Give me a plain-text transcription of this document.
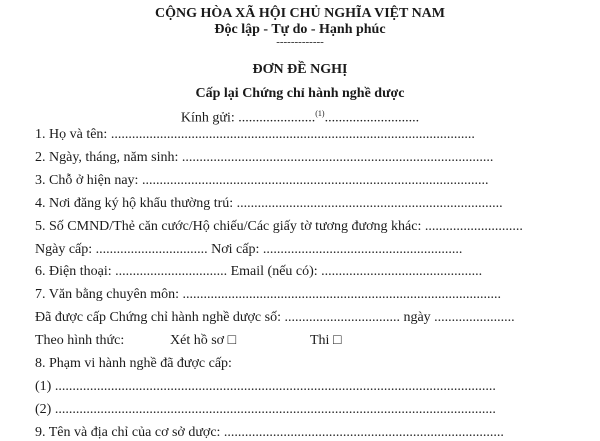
CỘNG HÒA XÃ HỘI CHỦ NGHĨA VIỆT NAM
Độc lập - Tự do - Hạnh phúc
-------------
ĐƠN ĐỀ NGHỊ
Cấp lại Chứng chỉ hành nghề dược
Kính gửi: ......................$^{(1)}$...........................
1. Họ và tên: ........................................................................................................
2. Ngày, tháng, năm sinh: .........................................................................................
3. Chỗ ở hiện nay: ...................................................................................................
4. Nơi đăng ký hộ khẩu thường trú: ............................................................................
5. Số CMND/Thẻ căn cước/Hộ chiếu/Các giấy tờ tương đương khác: ............................
Ngày cấp: ................................ Nơi cấp: .........................................................
6. Điện thoại: ................................ Email (nếu có): ..............................................
7. Văn bằng chuyên môn: ...........................................................................................
Đã được cấp Chứng chỉ hành nghề dược số: ................................. ngày .......................
8. Phạm vi hành nghề đã được cấp:
(1) ..............................................................................................................................
(2) ..............................................................................................................................
9. Tên và địa chỉ của cơ sở dược: ................................................................................
Theo hình thức:	Xét hồ sơ □	Thi □
